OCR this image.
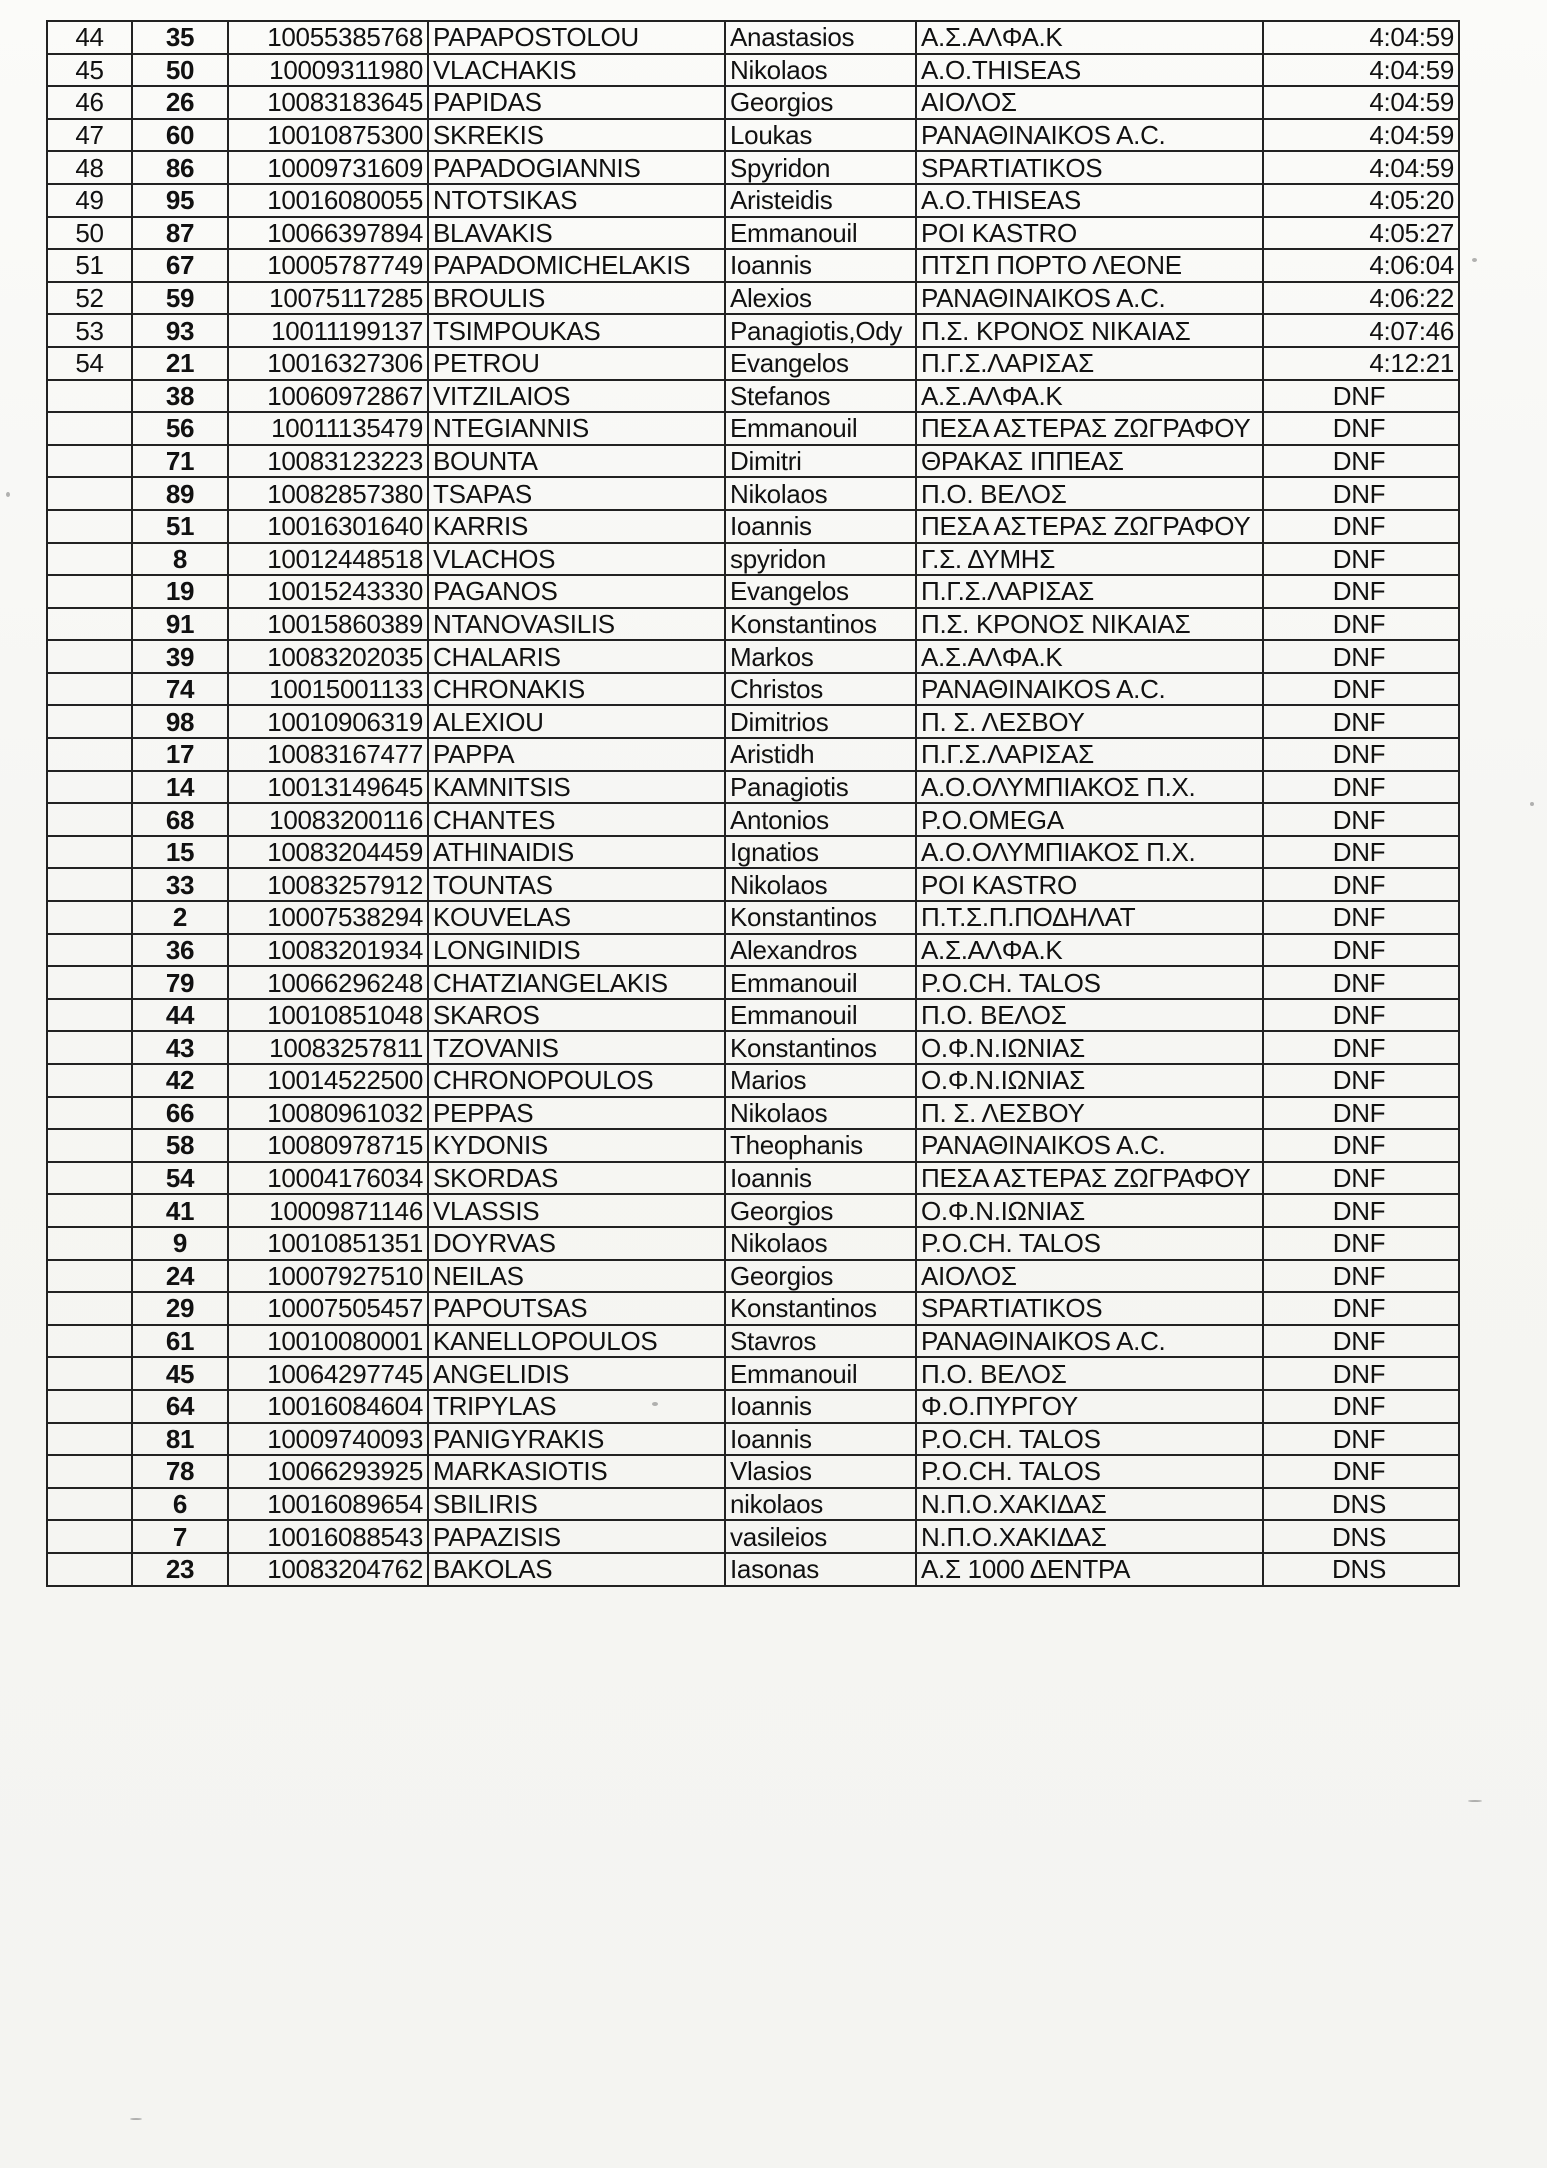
44	35	10055385768	PAPAPOSTOLOU	Anastasios	Α.Σ.ΑΛΦΑ.Κ	4:04:59
45	50	10009311980	VLACHAKIS	Nikolaos	Α.Ο.THISEAS	4:04:59
46	26	10083183645	PAPIDAS	Georgios	ΑΙΟΛΟΣ	4:04:59
47	60	10010875300	SKREKIS	Loukas	ΡΑΝΑΘΙΝΑΙΚΟS A.C.	4:04:59
48	86	10009731609	PAPADOGIANNIS	Spyridon	SPARTIATIKOS	4:04:59
49	95	10016080055	NTOTSIKAS	Aristeidis	Α.Ο.THISEAS	4:05:20
50	87	10066397894	BLAVAKIS	Emmanouil	ΡΟΙ KASTRO	4:05:27
51	67	10005787749	PAPADOMICHELAKIS	Ioannis	ΠΤΣΠ ΠΟΡΤΟ ΛΕΟΝΕ	4:06:04
52	59	10075117285	BROULIS	Alexios	ΡΑΝΑΘΙΝΑΙΚΟS A.C.	4:06:22
53	93	10011199137	TSIMPOUKAS	Panagiotis,Ody	Π.Σ. ΚΡΟΝΟΣ ΝΙΚΑΙΑΣ	4:07:46
54	21	10016327306	PETROU	Evangelos	Π.Γ.Σ.ΛΑΡΙΣΑΣ	4:12:21
	38	10060972867	VITZILAIOS	Stefanos	Α.Σ.ΑΛΦΑ.Κ	DNF
	56	10011135479	NTEGIANNIS	Emmanouil	ΠΕΣΑ ΑΣΤΕΡΑΣ ΖΩΓΡΑΦΟΥ	DNF
	71	10083123223	BOUNTA	Dimitri	ΘΡΑΚΑΣ ΙΠΠΕΑΣ	DNF
	89	10082857380	TSAPAS	Nikolaos	Π.Ο. ΒΕΛΟΣ	DNF
	51	10016301640	KARRIS	Ioannis	ΠΕΣΑ ΑΣΤΕΡΑΣ ΖΩΓΡΑΦΟΥ	DNF
	8	10012448518	VLACHOS	spyridon	Γ.Σ. ΔΥΜΗΣ	DNF
	19	10015243330	PAGANOS	Evangelos	Π.Γ.Σ.ΛΑΡΙΣΑΣ	DNF
	91	10015860389	NTANOVASILIS	Konstantinos	Π.Σ. ΚΡΟΝΟΣ ΝΙΚΑΙΑΣ	DNF
	39	10083202035	CHALARIS	Markos	Α.Σ.ΑΛΦΑ.Κ	DNF
	74	10015001133	CHRONAKIS	Christos	ΡΑΝΑΘΙΝΑΙΚΟS A.C.	DNF
	98	10010906319	ALEXIOU	Dimitrios	Π. Σ. ΛΕΣΒΟΥ	DNF
	17	10083167477	PAPPA	Aristidh	Π.Γ.Σ.ΛΑΡΙΣΑΣ	DNF
	14	10013149645	KAMNITSIS	Panagiotis	Α.Ο.ΟΛΥΜΠΙΑΚΟΣ Π.Χ.	DNF
	68	10083200116	CHANTES	Antonios	Ρ.Ο.OMEGA	DNF
	15	10083204459	ATHINAIDIS	Ignatios	Α.Ο.ΟΛΥΜΠΙΑΚΟΣ Π.Χ.	DNF
	33	10083257912	TOUNTAS	Nikolaos	ΡΟΙ KASTRO	DNF
	2	10007538294	KOUVELAS	Konstantinos	Π.Τ.Σ.Π.ΠΟΔΗΛΑΤ	DNF
	36	10083201934	LONGINIDIS	Alexandros	Α.Σ.ΑΛΦΑ.Κ	DNF
	79	10066296248	CHATZIANGELAKIS	Emmanouil	Ρ.Ο.CH. TALOS	DNF
	44	10010851048	SKAROS	Emmanouil	Π.Ο. ΒΕΛΟΣ	DNF
	43	10083257811	TZOVANIS	Konstantinos	Ο.Φ.Ν.ΙΩΝΙΑΣ	DNF
	42	10014522500	CHRONOPOULOS	Marios	Ο.Φ.Ν.ΙΩΝΙΑΣ	DNF
	66	10080961032	PEPPAS	Nikolaos	Π. Σ. ΛΕΣΒΟΥ	DNF
	58	10080978715	KYDONIS	Theophanis	ΡΑΝΑΘΙΝΑΙΚΟS A.C.	DNF
	54	10004176034	SKORDAS	Ioannis	ΠΕΣΑ ΑΣΤΕΡΑΣ ΖΩΓΡΑΦΟΥ	DNF
	41	10009871146	VLASSIS	Georgios	Ο.Φ.Ν.ΙΩΝΙΑΣ	DNF
	9	10010851351	DOYRVAS	Nikolaos	Ρ.Ο.CH. TALOS	DNF
	24	10007927510	NEILAS	Georgios	ΑΙΟΛΟΣ	DNF
	29	10007505457	PAPOUTSAS	Konstantinos	SPARTIATIKOS	DNF
	61	10010080001	KANELLOPOULOS	Stavros	ΡΑΝΑΘΙΝΑΙΚΟS A.C.	DNF
	45	10064297745	ANGELIDIS	Emmanouil	Π.Ο. ΒΕΛΟΣ	DNF
	64	10016084604	TRIPYLAS	Ioannis	Φ.Ο.ΠΥΡΓΟΥ	DNF
	81	10009740093	PANIGYRAKIS	Ioannis	Ρ.Ο.CH. TALOS	DNF
	78	10066293925	MARKASIOTIS	Vlasios	Ρ.Ο.CH. TALOS	DNF
	6	10016089654	SBILIRIS	nikolaos	Ν.Π.Ο.ΧΑΚΙΔΑΣ	DNS
	7	10016088543	PAPAZISIS	vasileios	Ν.Π.Ο.ΧΑΚΙΔΑΣ	DNS
	23	10083204762	BAKOLAS	Iasonas	Α.Σ 1000 ΔΕΝΤΡΑ	DNS
